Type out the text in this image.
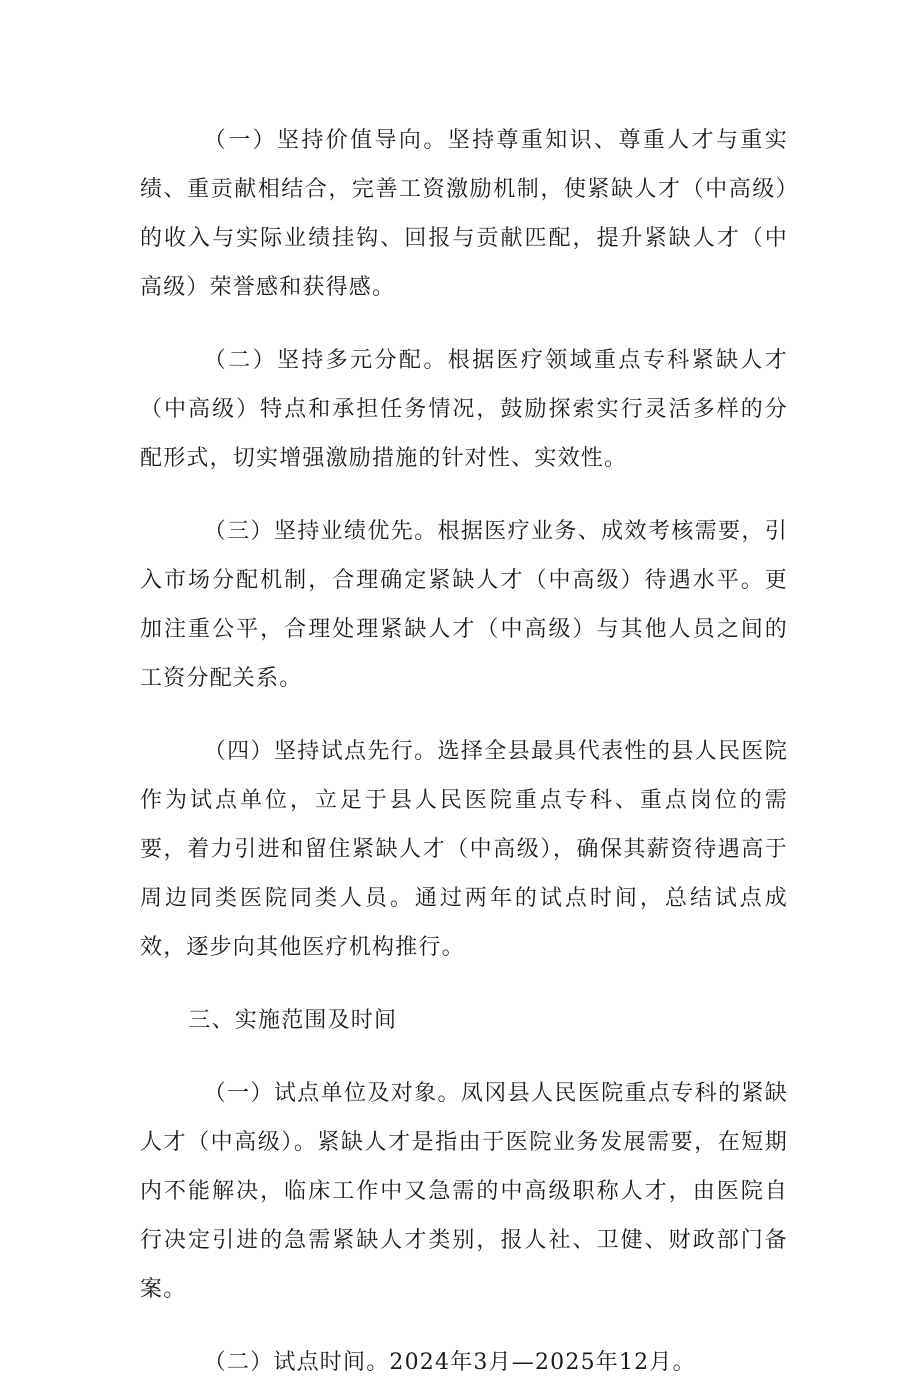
（一）坚持价值导向。坚持尊重知识、尊重人才与重实绩、重贡献相结合，完善工资激励机制，使紧缺人才（中高级）的收入与实际业绩挂钩、回报与贡献匹配，提升紧缺人才（中高级）荣誉感和获得感。

（二）坚持多元分配。根据医疗领域重点专科紧缺人才（中高级）特点和承担任务情况，鼓励探索实行灵活多样的分配形式，切实增强激励措施的针对性、实效性。

（三）坚持业绩优先。根据医疗业务、成效考核需要，引入市场分配机制，合理确定紧缺人才（中高级）待遇水平。更加注重公平，合理处理紧缺人才（中高级）与其他人员之间的工资分配关系。

（四）坚持试点先行。选择全县最具代表性的县人民医院作为试点单位，立足于县人民医院重点专科、重点岗位的需要，着力引进和留住紧缺人才（中高级），确保其薪资待遇高于周边同类医院同类人员。通过两年的试点时间，总结试点成效，逐步向其他医疗机构推行。

三、实施范围及时间

（一）试点单位及对象。凤冈县人民医院重点专科的紧缺人才（中高级）。紧缺人才是指由于医院业务发展需要，在短期内不能解决，临床工作中又急需的中高级职称人才，由医院自行决定引进的急需紧缺人才类别，报人社、卫健、财政部门备案。

（二）试点时间。2024年3月—2025年12月。
